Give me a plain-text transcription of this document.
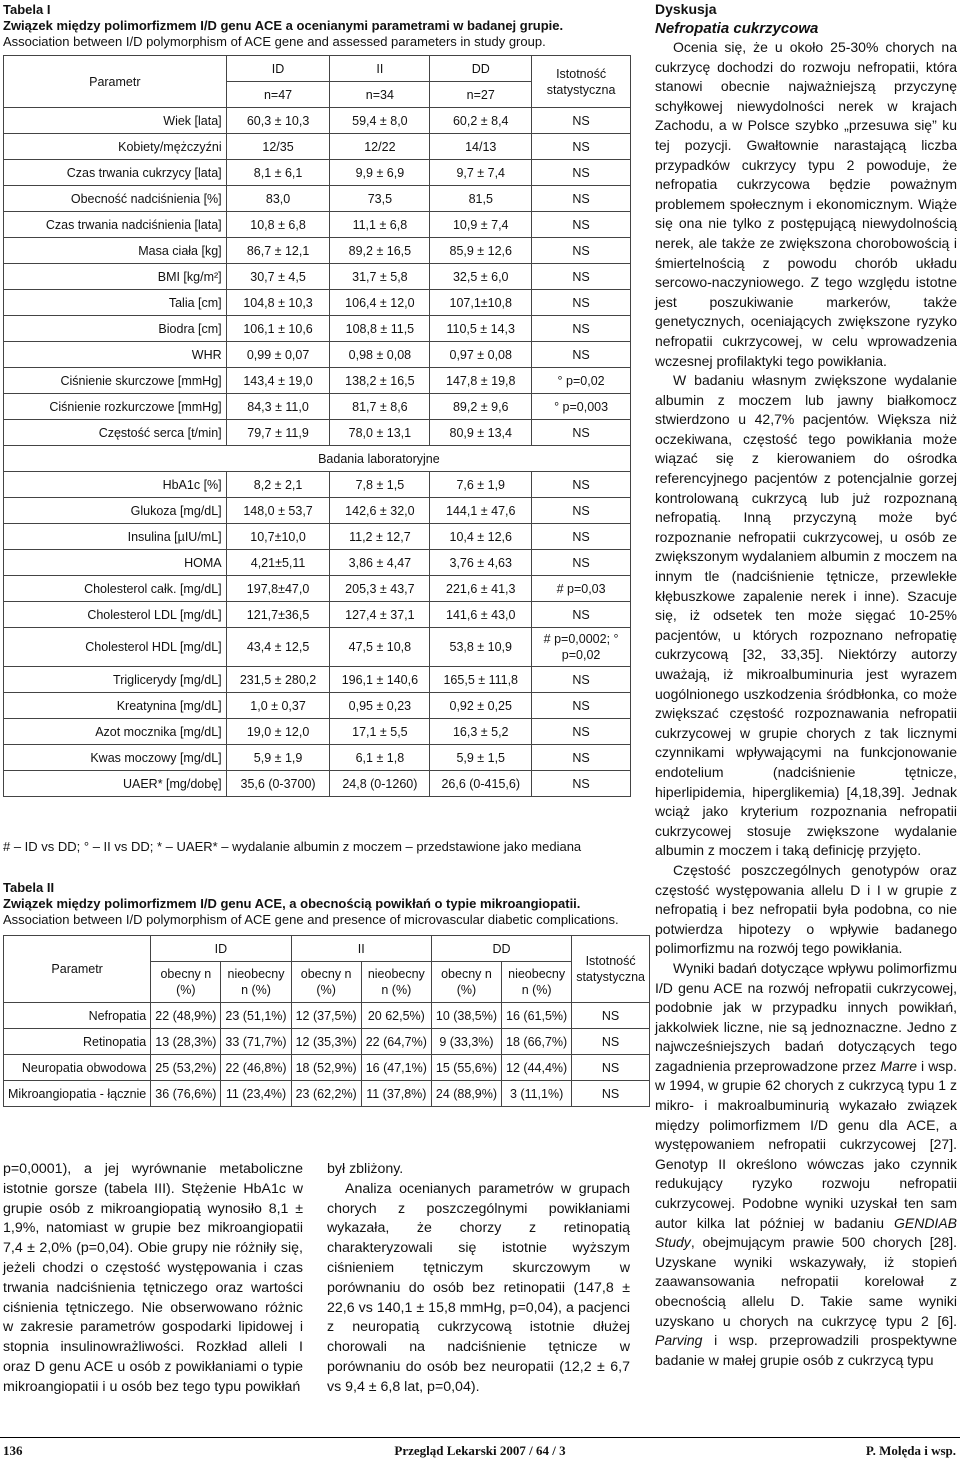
Tabela I

Związek między polimorfizmem I/D genu ACE a ocenianymi parametrami w badanej grupie.

Association between I/D polymorphism of ACE gene and assessed parameters in study group.

Parametr	ID	II	DD	Istotność statystyczna
	n=47	n=34	n=27	
Wiek [lata]	60,3 ± 10,3	59,4 ± 8,0	60,2 ± 8,4	NS
Kobiety/mężczyźni	12/35	12/22	14/13	NS
Czas trwania cukrzycy [lata]	8,1 ± 6,1	9,9 ± 6,9	9,7 ± 7,4	NS
Obecność nadciśnienia [%]	83,0	73,5	81,5	NS
Czas trwania nadciśnienia [lata]	10,8 ± 6,8	11,1 ± 6,8	10,9 ± 7,4	NS
Masa ciała [kg]	86,7 ± 12,1	89,2 ± 16,5	85,9 ± 12,6	NS
BMI [kg/m²]	30,7 ± 4,5	31,7 ± 5,8	32,5 ± 6,0	NS
Talia [cm]	104,8 ± 10,3	106,4 ± 12,0	107,1±10,8	NS
Biodra [cm]	106,1 ± 10,6	108,8 ± 11,5	110,5 ± 14,3	NS
WHR	0,99 ± 0,07	0,98 ± 0,08	0,97 ± 0,08	NS
Ciśnienie skurczowe [mmHg]	143,4 ± 19,0	138,2 ± 16,5	147,8 ± 19,8	° p=0,02
Ciśnienie rozkurczowe [mmHg]	84,3 ± 11,0	81,7 ± 8,6	89,2 ± 9,6	° p=0,003
Częstość serca [t/min]	79,7 ± 11,9	78,0 ± 13,1	80,9 ± 13,4	NS
	Badania laboratoryjne			
HbA1c [%]	8,2 ± 2,1	7,8 ± 1,5	7,6 ± 1,9	NS
Glukoza [mg/dL]	148,0 ± 53,7	142,6 ± 32,0	144,1 ± 47,6	NS
Insulina [µIU/mL]	10,7±10,0	11,2 ± 12,7	10,4 ± 12,6	NS
HOMA	4,21±5,11	3,86 ± 4,47	3,76 ± 4,63	NS
Cholesterol całk. [mg/dL]	197,8±47,0	205,3 ± 43,7	221,6 ± 41,3	# p=0,03
Cholesterol LDL [mg/dL]	121,7±36,5	127,4 ± 37,1	141,6 ± 43,0	NS
Cholesterol HDL [mg/dL]	43,4 ± 12,5	47,5 ± 10,8	53,8 ± 10,9	# p=0,0002; ° p=0,02
Triglicerydy [mg/dL]	231,5 ± 280,2	196,1 ± 140,6	165,5 ± 111,8	NS
Kreatynina [mg/dL]	1,0 ± 0,37	0,95 ± 0,23	0,92 ± 0,25	NS
Azot mocznika [mg/dL]	19,0 ± 12,0	17,1 ± 5,5	16,3 ± 5,2	NS
Kwas moczowy [mg/dL]	5,9 ± 1,9	6,1 ± 1,8	5,9 ± 1,5	NS
UAER* [mg/dobę]	35,6 (0-3700)	24,8 (0-1260)	26,6 (0-415,6)	NS
# – ID vs DD; ° – II vs DD; * – UAER* – wydalanie albumin z moczem – przedstawione jako mediana

Tabela II

Związek między polimorfizmem I/D genu ACE, a obecnością powikłań o typie mikroangiopatii.

Association between I/D polymorphism of ACE gene and presence of microvascular diabetic complications.

Parametr	ID		II		DD		Istotność statystyczna
	obecny n (%)	nieobecny n (%)	obecny n (%)	nieobecny n (%)	obecny n (%)	nieobecny n (%)	
Nefropatia	22 (48,9%)	23 (51,1%)	12 (37,5%)	20 62,5%)	10 (38,5%)	16 (61,5%)	NS
Retinopatia	13 (28,3%)	33 (71,7%)	12 (35,3%)	22 (64,7%)	9 (33,3%)	18 (66,7%)	NS
Neuropatia obwodowa	25 (53,2%)	22 (46,8%)	18 (52,9%)	16 (47,1%)	15 (55,6%)	12 (44,4%)	NS
Mikroangiopatia - łącznie	36 (76,6%)	11 (23,4%)	23 (62,2%)	11 (37,8%)	24 (88,9%)	3 (11,1%)	NS

p=0,0001), a jej wyrównanie metaboliczne istotnie gorsze (tabela III). Stężenie HbA1c w grupie osób z mikroangiopatią wynosiło 8,1 ± 1,9%, natomiast w grupie bez mikroangiopatii 7,4 ± 2,0% (p=0,04). Obie grupy nie różniły się, jeżeli chodzi o częstość występowania i czas trwania nadciśnienia tętniczego oraz wartości ciśnienia tętniczego. Nie obserwowano różnic w zakresie parametrów gospodarki lipidowej i stopnia insulinowrażliwości. Rozkład alleli I oraz D genu ACE u osób z powikłaniami o typie mikroangiopatii i u osób bez tego typu powikłań

był zbliżony.

Analiza ocenianych parametrów w grupach chorych z poszczególnymi powikłaniami wykazała, że chorzy z retinopatią charakteryzowali się istotnie wyższym ciśnieniem tętniczym skurczowym w porównaniu do osób bez retinopatii (147,8 ± 22,6 vs 140,1 ± 15,8 mmHg, p=0,04), a pacjenci z neuropatią cukrzycową istotnie dłużej chorowali na nadciśnienie tętnicze w porównaniu do osób bez neuropatii (12,2 ± 6,7 vs 9,4 ± 6,8 lat, p=0,04).

Dyskusja
Nefropatia cukrzycowa

Ocenia się, że u około 25-30% chorych na cukrzycę dochodzi do rozwoju nefropatii, która stanowi obecnie najważniejszą przyczynę schyłkowej niewydolności nerek w krajach Zachodu, a w Polsce szybko „przesuwa się” ku tej pozycji. Gwałtownie narastającą liczba przypadków cukrzycy typu 2 powoduje, że nefropatia cukrzycowa będzie poważnym problemem społecznym i ekonomicznym. Wiąże się ona nie tylko z postępującą niewydolnością nerek, ale także ze zwiększona chorobowością i śmiertelnością z powodu chorób układu sercowo-naczyniowego. Z tego względu istotne jest poszukiwanie markerów, także genetycznych, oceniających zwiększone ryzyko nefropatii cukrzycowej, w celu wprowadzenia wczesnej profilaktyki tego powikłania.

W badaniu własnym zwiększone wydalanie albumin z moczem lub jawny białkomocz stwierdzono u 42,7% pacjentów. Większa niż oczekiwana, częstość tego powikłania może wiązać się z kierowaniem do ośrodka referencyjnego pacjentów z potencjalnie gorzej kontrolowaną cukrzycą lub już rozpoznaną nefropatią. Inną przyczyną może być rozpoznanie nefropatii cukrzycowej, u osób ze zwiększonym wydalaniem albumin z moczem na innym tle (nadciśnienie tętnicze, przewlekłe kłębuszkowe zapalenie nerek i inne). Szacuje się, iż odsetek ten może sięgać 10-25% pacjentów, u których rozpoznano nefropatię cukrzycową [32, 33,35]. Niektórzy autorzy uważają, iż mikroalbuminuria jest wyrazem uogólnionego uszkodzenia śródbłonka, co może zwiększać częstość rozpoznawania nefropatii cukrzycowej w grupie chorych z tak licznymi czynnikami wpływającymi na funkcjonowanie endotelium (nadciśnienie tętnicze, hiperlipidemia, hiperglikemia) [4,18,39]. Jednak wciąż jako kryterium rozpoznania nefropatii cukrzycowej stosuje zwiększone wydalanie albumin z moczem i taką definicję przyjęto.

Częstość poszczególnych genotypów oraz częstość występowania allelu D i I w grupie z nefropatią i bez nefropatii była podobna, co nie potwierdza hipotezy o wpływie badanego polimorfizmu na rozwój tego powikłania.

Wyniki badań dotyczące wpływu polimorfizmu I/D genu ACE na rozwój nefropatii cukrzycowej, podobnie jak w przypadku innych powikłań, jakkolwiek liczne, nie są jednoznaczne. Jedno z najwcześniejszych badań dotyczących tego zagadnienia przeprowadzone przez Marre i wsp. w 1994, w grupie 62 chorych z cukrzycą typu 1 z mikro- i makroalbuminurią wykazało związek między polimorfizmem I/D genu dla ACE, a występowaniem nefropatii cukrzycowej [27]. Genotyp II określono wówczas jako czynnik redukujący ryzyko rozwoju nefropatii cukrzycowej. Podobne wyniki uzyskał ten sam autor kilka lat później w badaniu GENDIAB Study, obejmującym prawie 500 chorych [28]. Uzyskane wyniki wskazywały, iż stopień zaawansowania nefropatii korelował z obecnością allelu D. Takie same wyniki uzyskano u chorych na cukrzycę typu 2 [6]. Parving i wsp. przeprowadzili prospektywne badanie w małej grupie osób z cukrzycą typu

136	Przegląd Lekarski 2007 / 64 / 3	P. Molęda i wsp.
